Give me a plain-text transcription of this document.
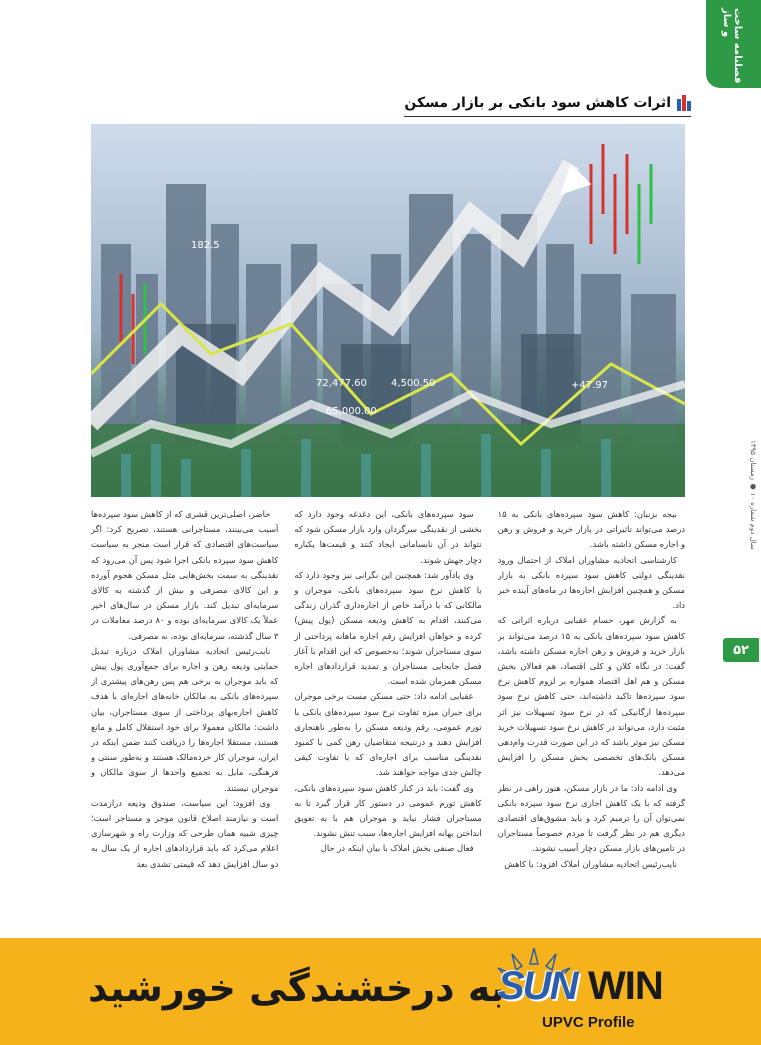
فصلنامه ساخت و ساز
سال دوم شماره ۱۰ ● زمستان ۱۳۹۵
۵۲
اثرات کاهش سود بانکی بر بازار مسکن
182.5
72,477.60 4,500.50
65,000.00
+47.97

بیجه بزنبان: کاهش سود سپرده‌های بانکی به ۱۵ درصد می‌تواند تاثیراتی در بازار خرید و فروش و رهن و اجاره مسکن داشته باشد.

کارشناسی اتحادیه مشاوران املاک از احتمال ورود نقدینگی دولتی کاهش سود سپرده بانکی به بازار مسکن و همچنین افزایش اجاره‌ها در ماه‌های آینده خبر داد.

به گزارش مهر، حسام عقبایی درباره اثراتی که کاهش سود سپرده‌های بانکی به ۱۵ درصد می‌تواند بر بازار خرید و فروش و رهن اجاره مسکن داشته باشد، گفت: در نگاه کلان و کلی اقتصاد، هم فعالان بخش مسکن و هم اهل اقتصاد همواره بر لزوم کاهش نرخ سود سپرده‌ها تاکید داشته‌اند، حتی کاهش نرخ سود سپرده‌ها ارگانیکی که در نرخ سود تسهیلات نیز اثر مثبت دارد، می‌تواند در کاهش نرخ سود تسهیلات خرید مسکن نیز موثر باشد که در این صورت قدرت وام‌دهی مسکن بانک‌های تخصصی بخش مسکن را افزایش می‌دهد.

وی ادامه داد: ما در بازار مسکن، هنوز راهی در نظر گرفته که با یک کاهش اجاری نرخ سود سپرده بانکی نمی‌توان آن را ترمیم کرد و باید مشوق‌های اقتصادی دیگری هم در نظر گرفت تا مردم خصوصاً مستاجران در تامین‌های بازار مسکن دچار آسیب نشوند.

نایب‌رئیس اتحادیه مشاوران املاک افزود: با کاهش

سود سپرده‌های بانکی، این دغدغه وجود دارد که بخشی از نقدینگی سرگردان وارد بازار مسکن شود که نتواند در آن نابسامانی ایجاد کنند و قیمت‌ها یکباره دچار جهش شوند.

وی یادآور شد: همچنین این نگرانی نیز وجود دارد که با کاهش نرخ سود سپرده‌های بانکی، موجران و مالکانی که با درآمد خاص از اجاره‌داری گذران زندگی می‌کنند، اقدام به کاهش ودیعه مسکن (پول پیش) کرده و خواهان افزایش رقم اجاره ماهانه پرداختی از سوی مستاجران شوند؛ به‌خصوص که این اقدام با آغاز فصل جابجایی مستاجران و تمدید قراردادهای اجاره مسکن همزمان شده است.

عقبایی ادامه داد: حتی مسکن مست برخی موجران برای جبران میزه تفاوت نرخ سود سپرده‌های بانکی با تورم عمومی، رقم ودیعه مسکن را به‌طور ناهنجاری افزایش دهند و درنتیجه متقاضیان رهن کمی با کمبود نقدینگی مناسب برای اجاره‌ای که با تفاوت کیفی چالش جدی مواجه خواهند شد.

وی گفت: باید در کنار کاهش سود سپرده‌های بانکی، کاهش تورم عمومی در دستور کار قرار گیرد تا به مستاجران فشار نیاید و موجران هم با به تعویق انداختن بهانه افزایش اجاره‌ها، سبب تنش نشوند.

فعال صنفی بخش املاک با بیان اینکه در حال

حاضر، اصلی‌ترین قشری که از کاهش سود سپرده‌ها آسیب می‌بینند، مستاجرانی هستند، تصریح کرد: اگر سیاست‌های اقتصادی که قرار است منجر به سیاست کاهش سود سپرده بانکی اجرا شود پس آن می‌رود که نقدینگی به سمت بخش‌هایی مثل مسکن هجوم آورده و این کالای مصرفی و بیش از گذشته به کالای سرمایه‌ای تبدیل کند. بازار مسکن در سال‌های اخیر عملاً یک کالای سرمایه‌ای بوده و ۸۰ درصد معاملات در ۳ سال گذشته، سرمایه‌ای بوده، نه مصرفی.

نایب‌رئیس اتحادیه مشاوران املاک درباره تبدیل حمایتی ودیعه رهن و اجاره برای جمع‌آوری پول پیش که باید موجران به برخی هم پس رهن‌های پیشتری از سپرده‌های بانکی به مالکان خانه‌های اجاره‌ای با هدف کاهش اجاره‌بهای پرداختی از سوی مستاجران، بیان داشت: مالکان معمولا برای خود استقلال کامل و مانع هستند، مستقلا اجاره‌ها را دریافت کنند ضمن اینکه در ایران، موجران کار خرده‌مالک هستند و به‌طور سنتی و فرهنگی، مایل به تجمیع واحدها از سوی مالکان و موجران نیستند.

وی افزود: این سیاست، صندوق ودیعه درازمدت است و نیازمند اصلاح قانون موجر و مستاجر است؛ چیزی شبیه همان طرحی که وزارت راه و شهرسازی اعلام می‌کرد که باید قراردادهای اجاره از یک سال به دو سال افزایش دهد که قیمتی تشدی بعد

به درخشندگی خورشید
SUN WIN
UPVC Profile
